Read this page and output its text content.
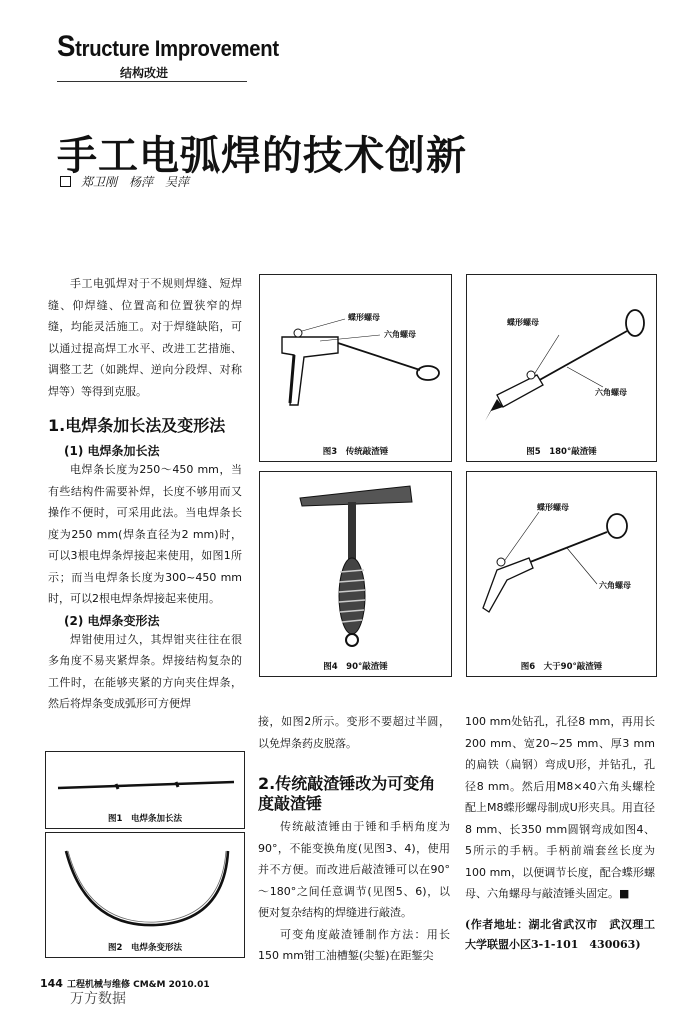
Structure Improvement
结构改进
手工电弧焊的技术创新
郑卫刚　杨萍　吴萍
手工电弧焊对于不规则焊缝、短焊缝、仰焊缝、位置高和位置狭窄的焊缝，均能灵活施工。对于焊缝缺陷，可以通过提高焊工水平、改进工艺措施、调整工艺（如跳焊、逆向分段焊、对称焊等）等得到克服。
1.电焊条加长法及变形法
(1) 电焊条加长法
电焊条长度为250～450 mm，当有些结构件需要补焊，长度不够用而又操作不便时，可采用此法。当电焊条长度为250 mm(焊条直径为2 mm)时，可以3根电焊条焊接起来使用，如图1所示；而当电焊条长度为300~450 mm时，可以2根电焊条焊接起来使用。
(2) 电焊条变形法
焊钳使用过久，其焊钳夹往往在很多角度不易夹紧焊条。焊接结构复杂的工件时，在能够夹紧的方向夹住焊条，然后将焊条变成弧形可方便焊
图1　电焊条加长法
图2　电焊条变形法
蝶形螺母
六角螺母
图3　传统敲渣锤
图4　90°敲渣锤
蝶形螺母
六角螺母
图5　180°敲渣锤
蝶形螺母
六角螺母
图6　大于90°敲渣锤
接，如图2所示。变形不要超过半圆，以免焊条药皮脱落。
2.传统敲渣锤改为可变角度敲渣锤
传统敲渣锤由于锤和手柄角度为90°，不能变换角度(见图3、4)，使用并不方便。而改进后敲渣锤可以在90°～180°之间任意调节(见图5、6)，以便对复杂结构的焊缝进行敲渣。
可变角度敲渣锤制作方法：用长150 mm钳工油槽錾(尖錾)在距錾尖
100 mm处钻孔，孔径8 mm，再用长200 mm、宽20~25 mm、厚3 mm的扁铁（扁钢）弯成U形，并钻孔，孔径8 mm。然后用M8×40六角头螺栓配上M8蝶形螺母制成U形夹具。用直径8 mm、长350 mm圆钢弯成如图4、5所示的手柄。手柄前端套丝长度为100 mm，以便调节长度，配合蝶形螺母、六角螺母与敲渣锤头固定。■
(作者地址：湖北省武汉市　武汉理工大学联盟小区3-1-101　430063)
144 工程机械与维修 CM&M 2010.01
万方数据
